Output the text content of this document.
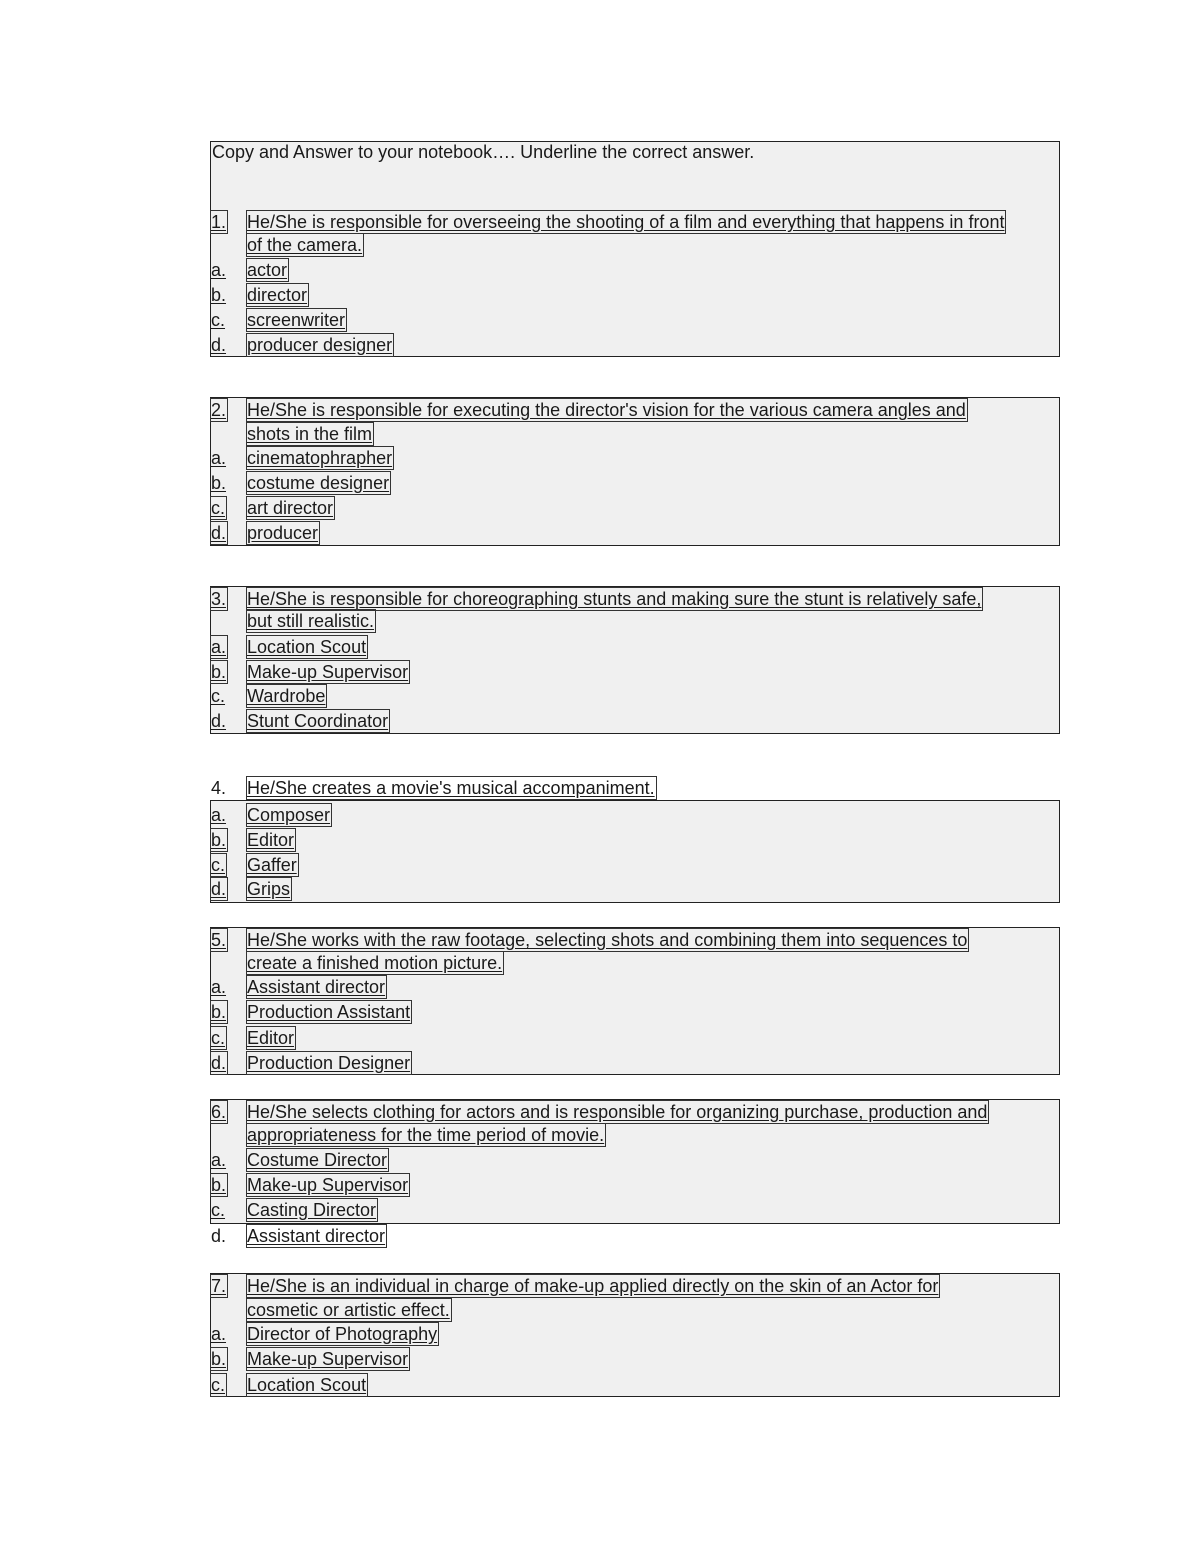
Copy and Answer to your notebook…. Underline the correct answer.
1. He/She is responsible for overseeing the shooting of a film and everything that happens in front
of the camera.
a. actor
b. director
c. screenwriter
d. producer designer
2. He/She is responsible for executing the director's vision for the various camera angles and
shots in the film
a. cinematophrapher
b. costume designer
c. art director
d. producer
3. He/She is responsible for choreographing stunts and making sure the stunt is relatively safe,
but still realistic.
a. Location Scout
b. Make-up Supervisor
c. Wardrobe
d. Stunt Coordinator
4. He/She creates a movie's musical accompaniment.
a. Composer
b. Editor
c. Gaffer
d. Grips
5. He/She works with the raw footage, selecting shots and combining them into sequences to
create a finished motion picture.
a. Assistant director
b. Production Assistant
c. Editor
d. Production Designer
6. He/She selects clothing for actors and is responsible for organizing purchase, production and
appropriateness for the time period of movie.
a. Costume Director
b. Make-up Supervisor
c. Casting Director
d. Assistant director
7. He/She is an individual in charge of make-up applied directly on the skin of an Actor for
cosmetic or artistic effect.
a. Director of Photography
b. Make-up Supervisor
c. Location Scout
